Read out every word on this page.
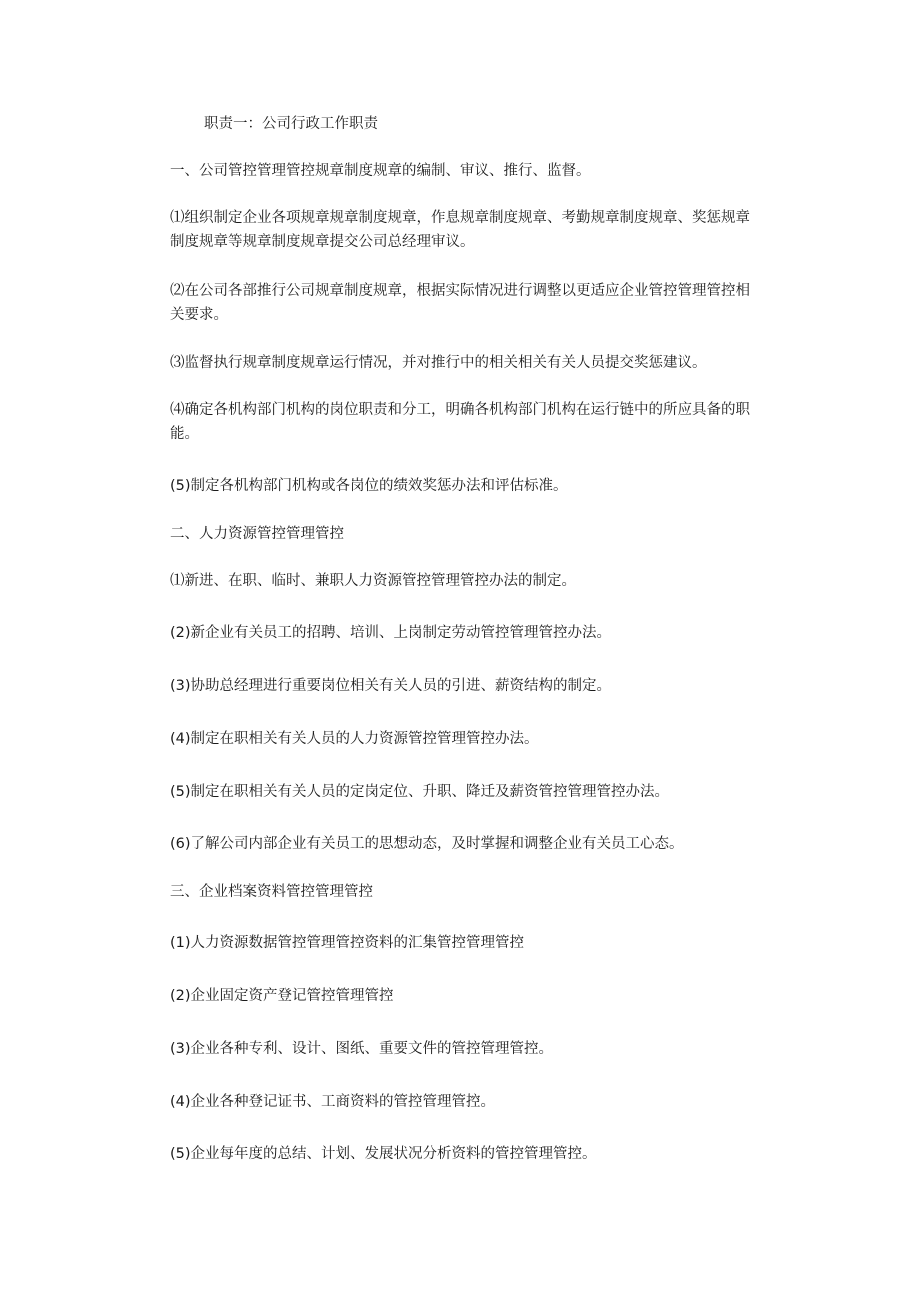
职责一：公司行政工作职责

一、公司管控管理管控规章制度规章的编制、审议、推行、监督。

⑴组织制定企业各项规章规章制度规章，作息规章制度规章、考勤规章制度规章、奖惩规章制度规章等规章制度规章提交公司总经理审议。

⑵在公司各部推行公司规章制度规章，根据实际情况进行调整以更适应企业管控管理管控相关要求。

⑶监督执行规章制度规章运行情况，并对推行中的相关相关有关人员提交奖惩建议。

⑷确定各机构部门机构的岗位职责和分工，明确各机构部门机构在运行链中的所应具备的职能。

(5)制定各机构部门机构或各岗位的绩效奖惩办法和评估标准。

二、人力资源管控管理管控

⑴新进、在职、临时、兼职人力资源管控管理管控办法的制定。

(2)新企业有关员工的招聘、培训、上岗制定劳动管控管理管控办法。

(3)协助总经理进行重要岗位相关有关人员的引进、薪资结构的制定。

(4)制定在职相关有关人员的人力资源管控管理管控办法。

(5)制定在职相关有关人员的定岗定位、升职、降迁及薪资管控管理管控办法。

(6)了解公司内部企业有关员工的思想动态，及时掌握和调整企业有关员工心态。

三、企业档案资料管控管理管控

(1)人力资源数据管控管理管控资料的汇集管控管理管控

(2)企业固定资产登记管控管理管控

(3)企业各种专利、设计、图纸、重要文件的管控管理管控。

(4)企业各种登记证书、工商资料的管控管理管控。

(5)企业每年度的总结、计划、发展状况分析资料的管控管理管控。
